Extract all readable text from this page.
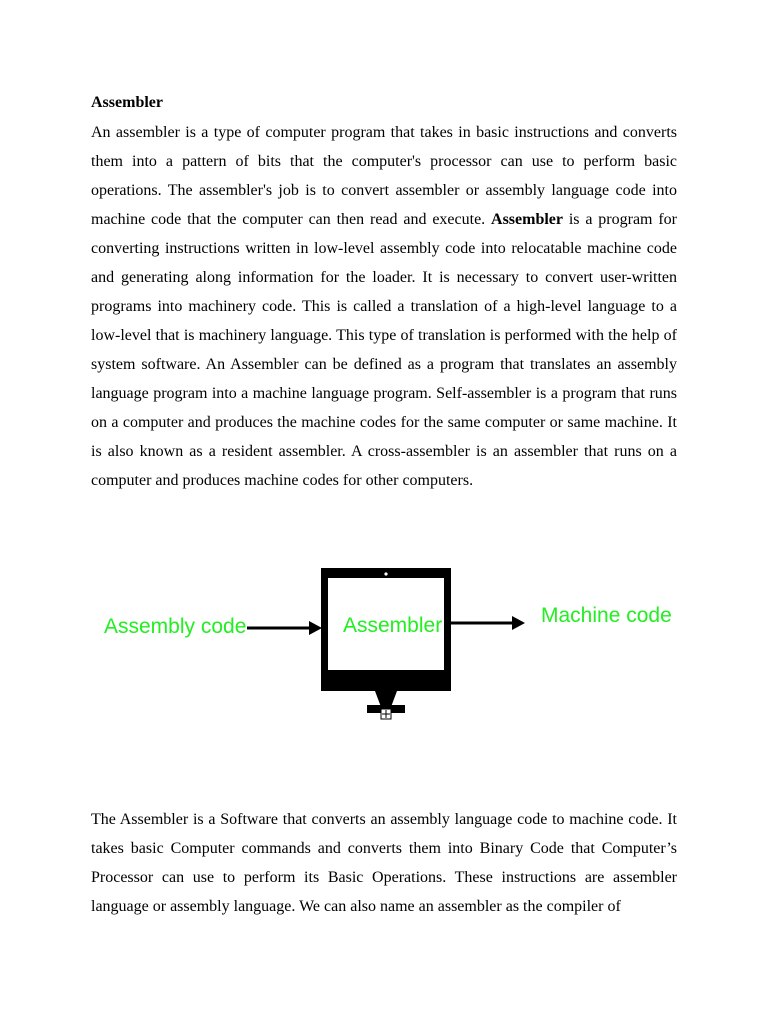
Assembler

An assembler is a type of computer program that takes in basic instructions and converts them into a pattern of bits that the computer's processor can use to perform basic operations. The assembler's job is to convert assembler or assembly language code into machine code that the computer can then read and execute. Assembler is a program for converting instructions written in low-level assembly code into relocatable machine code and generating along information for the loader. It is necessary to convert user-written programs into machinery code. This is called a translation of a high-level language to a low-level that is machinery language. This type of translation is performed with the help of system software. An Assembler can be defined as a program that translates an assembly language program into a machine language program. Self-assembler is a program that runs on a computer and produces the machine codes for the same computer or same machine. It is also known as a resident assembler. A cross-assembler is an assembler that runs on a computer and produces machine codes for other computers.

Assembly code	Assembler	Machine code

The Assembler is a Software that converts an assembly language code to machine code. It takes basic Computer commands and converts them into Binary Code that Computer’s Processor can use to perform its Basic Operations. These instructions are assembler language or assembly language. We can also name an assembler as the compiler of
